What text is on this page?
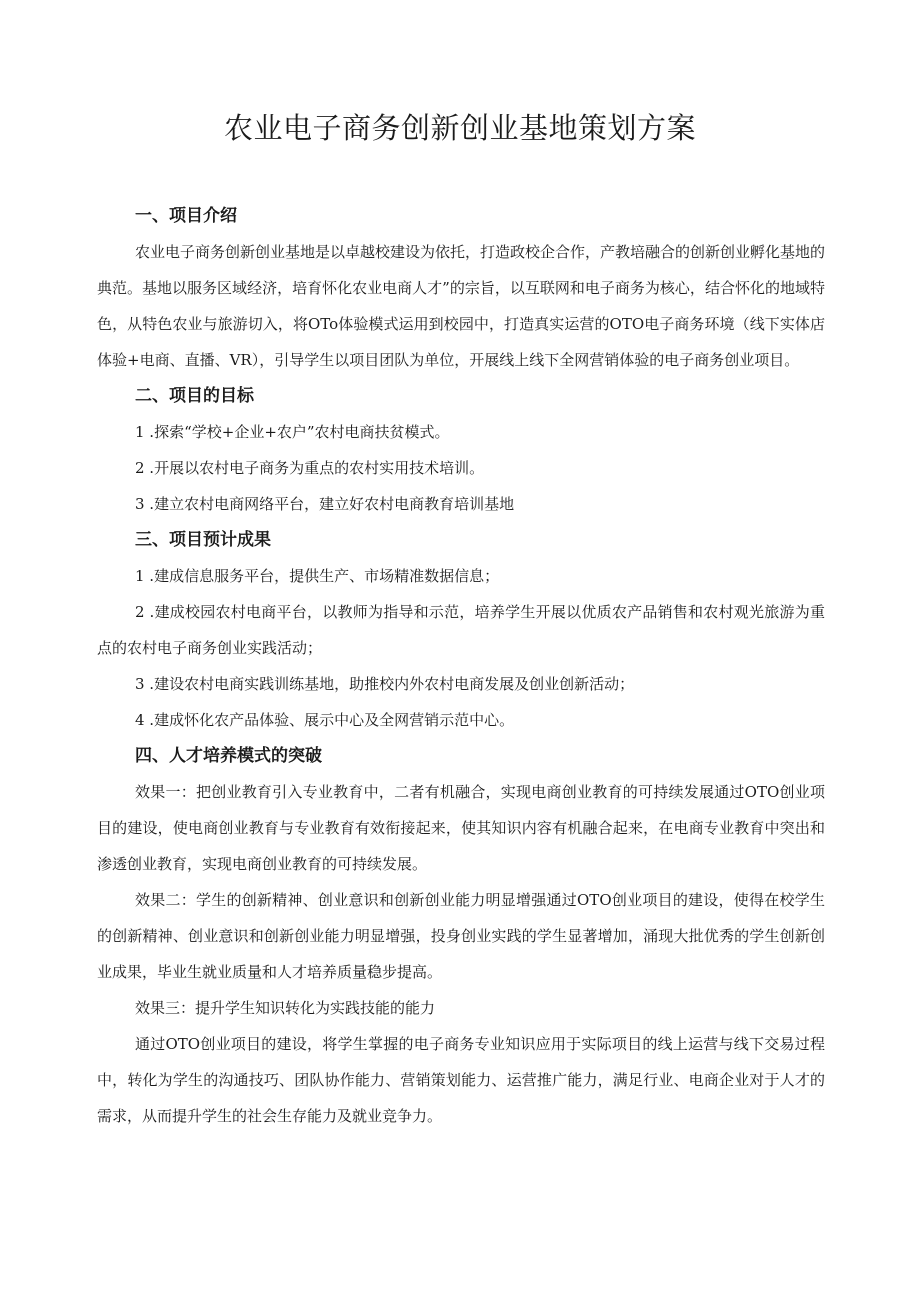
农业电子商务创新创业基地策划方案

一、项目介绍

农业电子商务创新创业基地是以卓越校建设为依托，打造政校企合作，产教培融合的创新创业孵化基地的典范。基地以服务区域经济，培育怀化农业电商人才”的宗旨，以互联网和电子商务为核心，结合怀化的地域特色，从特色农业与旅游切入，将OTo体验模式运用到校园中，打造真实运营的OTO电子商务环境（线下实体店体验+电商、直播、VR），引导学生以项目团队为单位，开展线上线下全网营销体验的电子商务创业项目。

二、项目的目标

1 .探索“学校+企业+农户”农村电商扶贫模式。

2 .开展以农村电子商务为重点的农村实用技术培训。

3 .建立农村电商网络平台，建立好农村电商教育培训基地

三、项目预计成果

1 .建成信息服务平台，提供生产、市场精准数据信息；

2 .建成校园农村电商平台，以教师为指导和示范，培养学生开展以优质农产品销售和农村观光旅游为重点的农村电子商务创业实践活动；

3 .建设农村电商实践训练基地，助推校内外农村电商发展及创业创新活动；

4 .建成怀化农产品体验、展示中心及全网营销示范中心。

四、人才培养模式的突破

效果一：把创业教育引入专业教育中，二者有机融合，实现电商创业教育的可持续发展通过OTO创业项目的建设，使电商创业教育与专业教育有效衔接起来，使其知识内容有机融合起来，在电商专业教育中突出和渗透创业教育，实现电商创业教育的可持续发展。

效果二：学生的创新精神、创业意识和创新创业能力明显增强通过OTO创业项目的建设，使得在校学生的创新精神、创业意识和创新创业能力明显增强，投身创业实践的学生显著增加，涌现大批优秀的学生创新创业成果，毕业生就业质量和人才培养质量稳步提高。

效果三：提升学生知识转化为实践技能的能力

通过OTO创业项目的建设，将学生掌握的电子商务专业知识应用于实际项目的线上运营与线下交易过程中，转化为学生的沟通技巧、团队协作能力、营销策划能力、运营推广能力，满足行业、电商企业对于人才的需求，从而提升学生的社会生存能力及就业竞争力。
